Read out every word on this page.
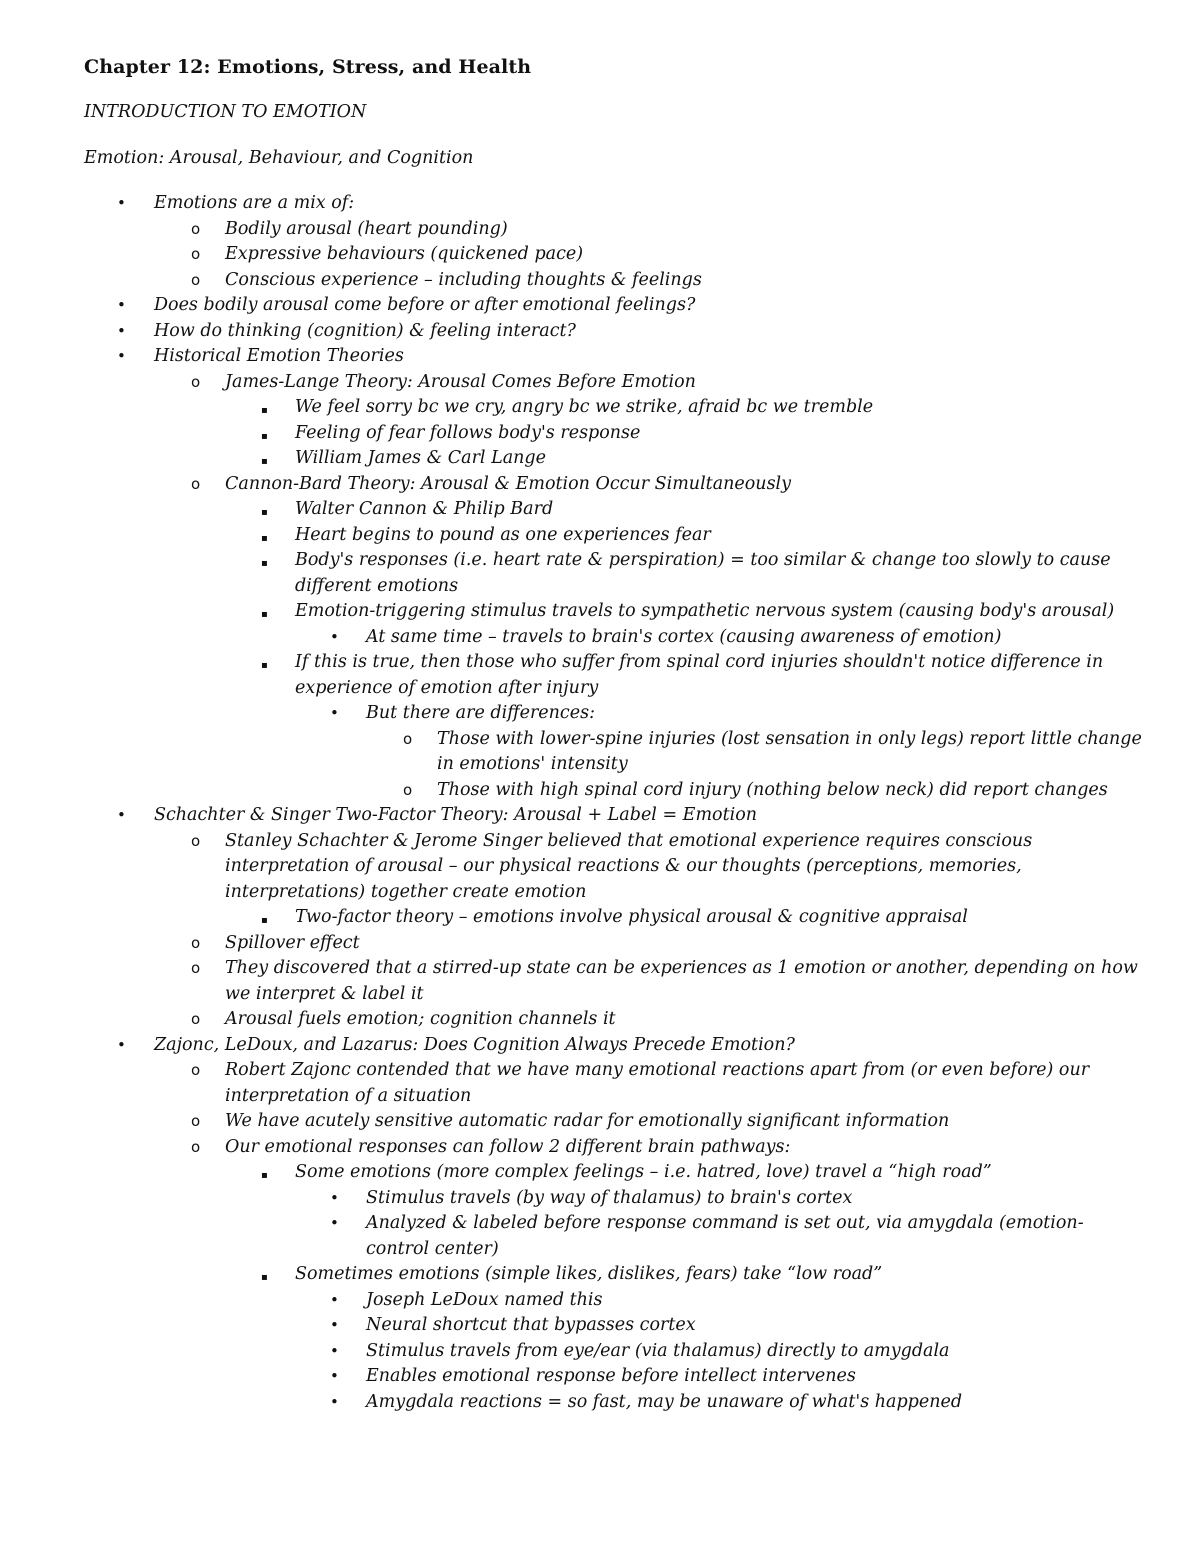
Chapter 12: Emotions, Stress, and Health
INTRODUCTION TO EMOTION
Emotion: Arousal, Behaviour, and Cognition
• Emotions are a mix of:
o Bodily arousal (heart pounding)
o Expressive behaviours (quickened pace)
o Conscious experience – including thoughts & feelings
• Does bodily arousal come before or after emotional feelings?
• How do thinking (cognition) & feeling interact?
• Historical Emotion Theories
o James-Lange Theory: Arousal Comes Before Emotion
▪ We feel sorry bc we cry, angry bc we strike, afraid bc we tremble
▪ Feeling of fear follows body's response
▪ William James & Carl Lange
o Cannon-Bard Theory: Arousal & Emotion Occur Simultaneously
▪ Walter Cannon & Philip Bard
▪ Heart begins to pound as one experiences fear
▪ Body's responses (i.e. heart rate & perspiration) = too similar & change too slowly to cause
different emotions
▪ Emotion-triggering stimulus travels to sympathetic nervous system (causing body's arousal)
• At same time – travels to brain's cortex (causing awareness of emotion)
▪ If this is true, then those who suffer from spinal cord injuries shouldn't notice difference in
experience of emotion after injury
• But there are differences:
o Those with lower-spine injuries (lost sensation in only legs) report little change
in emotions' intensity
o Those with high spinal cord injury (nothing below neck) did report changes
• Schachter & Singer Two-Factor Theory: Arousal + Label = Emotion
o Stanley Schachter & Jerome Singer believed that emotional experience requires conscious
interpretation of arousal – our physical reactions & our thoughts (perceptions, memories,
interpretations) together create emotion
▪ Two-factor theory – emotions involve physical arousal & cognitive appraisal
o Spillover effect
o They discovered that a stirred-up state can be experiences as 1 emotion or another, depending on how
we interpret & label it
o Arousal fuels emotion; cognition channels it
• Zajonc, LeDoux, and Lazarus: Does Cognition Always Precede Emotion?
o Robert Zajonc contended that we have many emotional reactions apart from (or even before) our
interpretation of a situation
o We have acutely sensitive automatic radar for emotionally significant information
o Our emotional responses can follow 2 different brain pathways:
▪ Some emotions (more complex feelings – i.e. hatred, love) travel a “high road”
• Stimulus travels (by way of thalamus) to brain's cortex
• Analyzed & labeled before response command is set out, via amygdala (emotion-
control center)
▪ Sometimes emotions (simple likes, dislikes, fears) take “low road”
• Joseph LeDoux named this
• Neural shortcut that bypasses cortex
• Stimulus travels from eye/ear (via thalamus) directly to amygdala
• Enables emotional response before intellect intervenes
• Amygdala reactions = so fast, may be unaware of what's happened
